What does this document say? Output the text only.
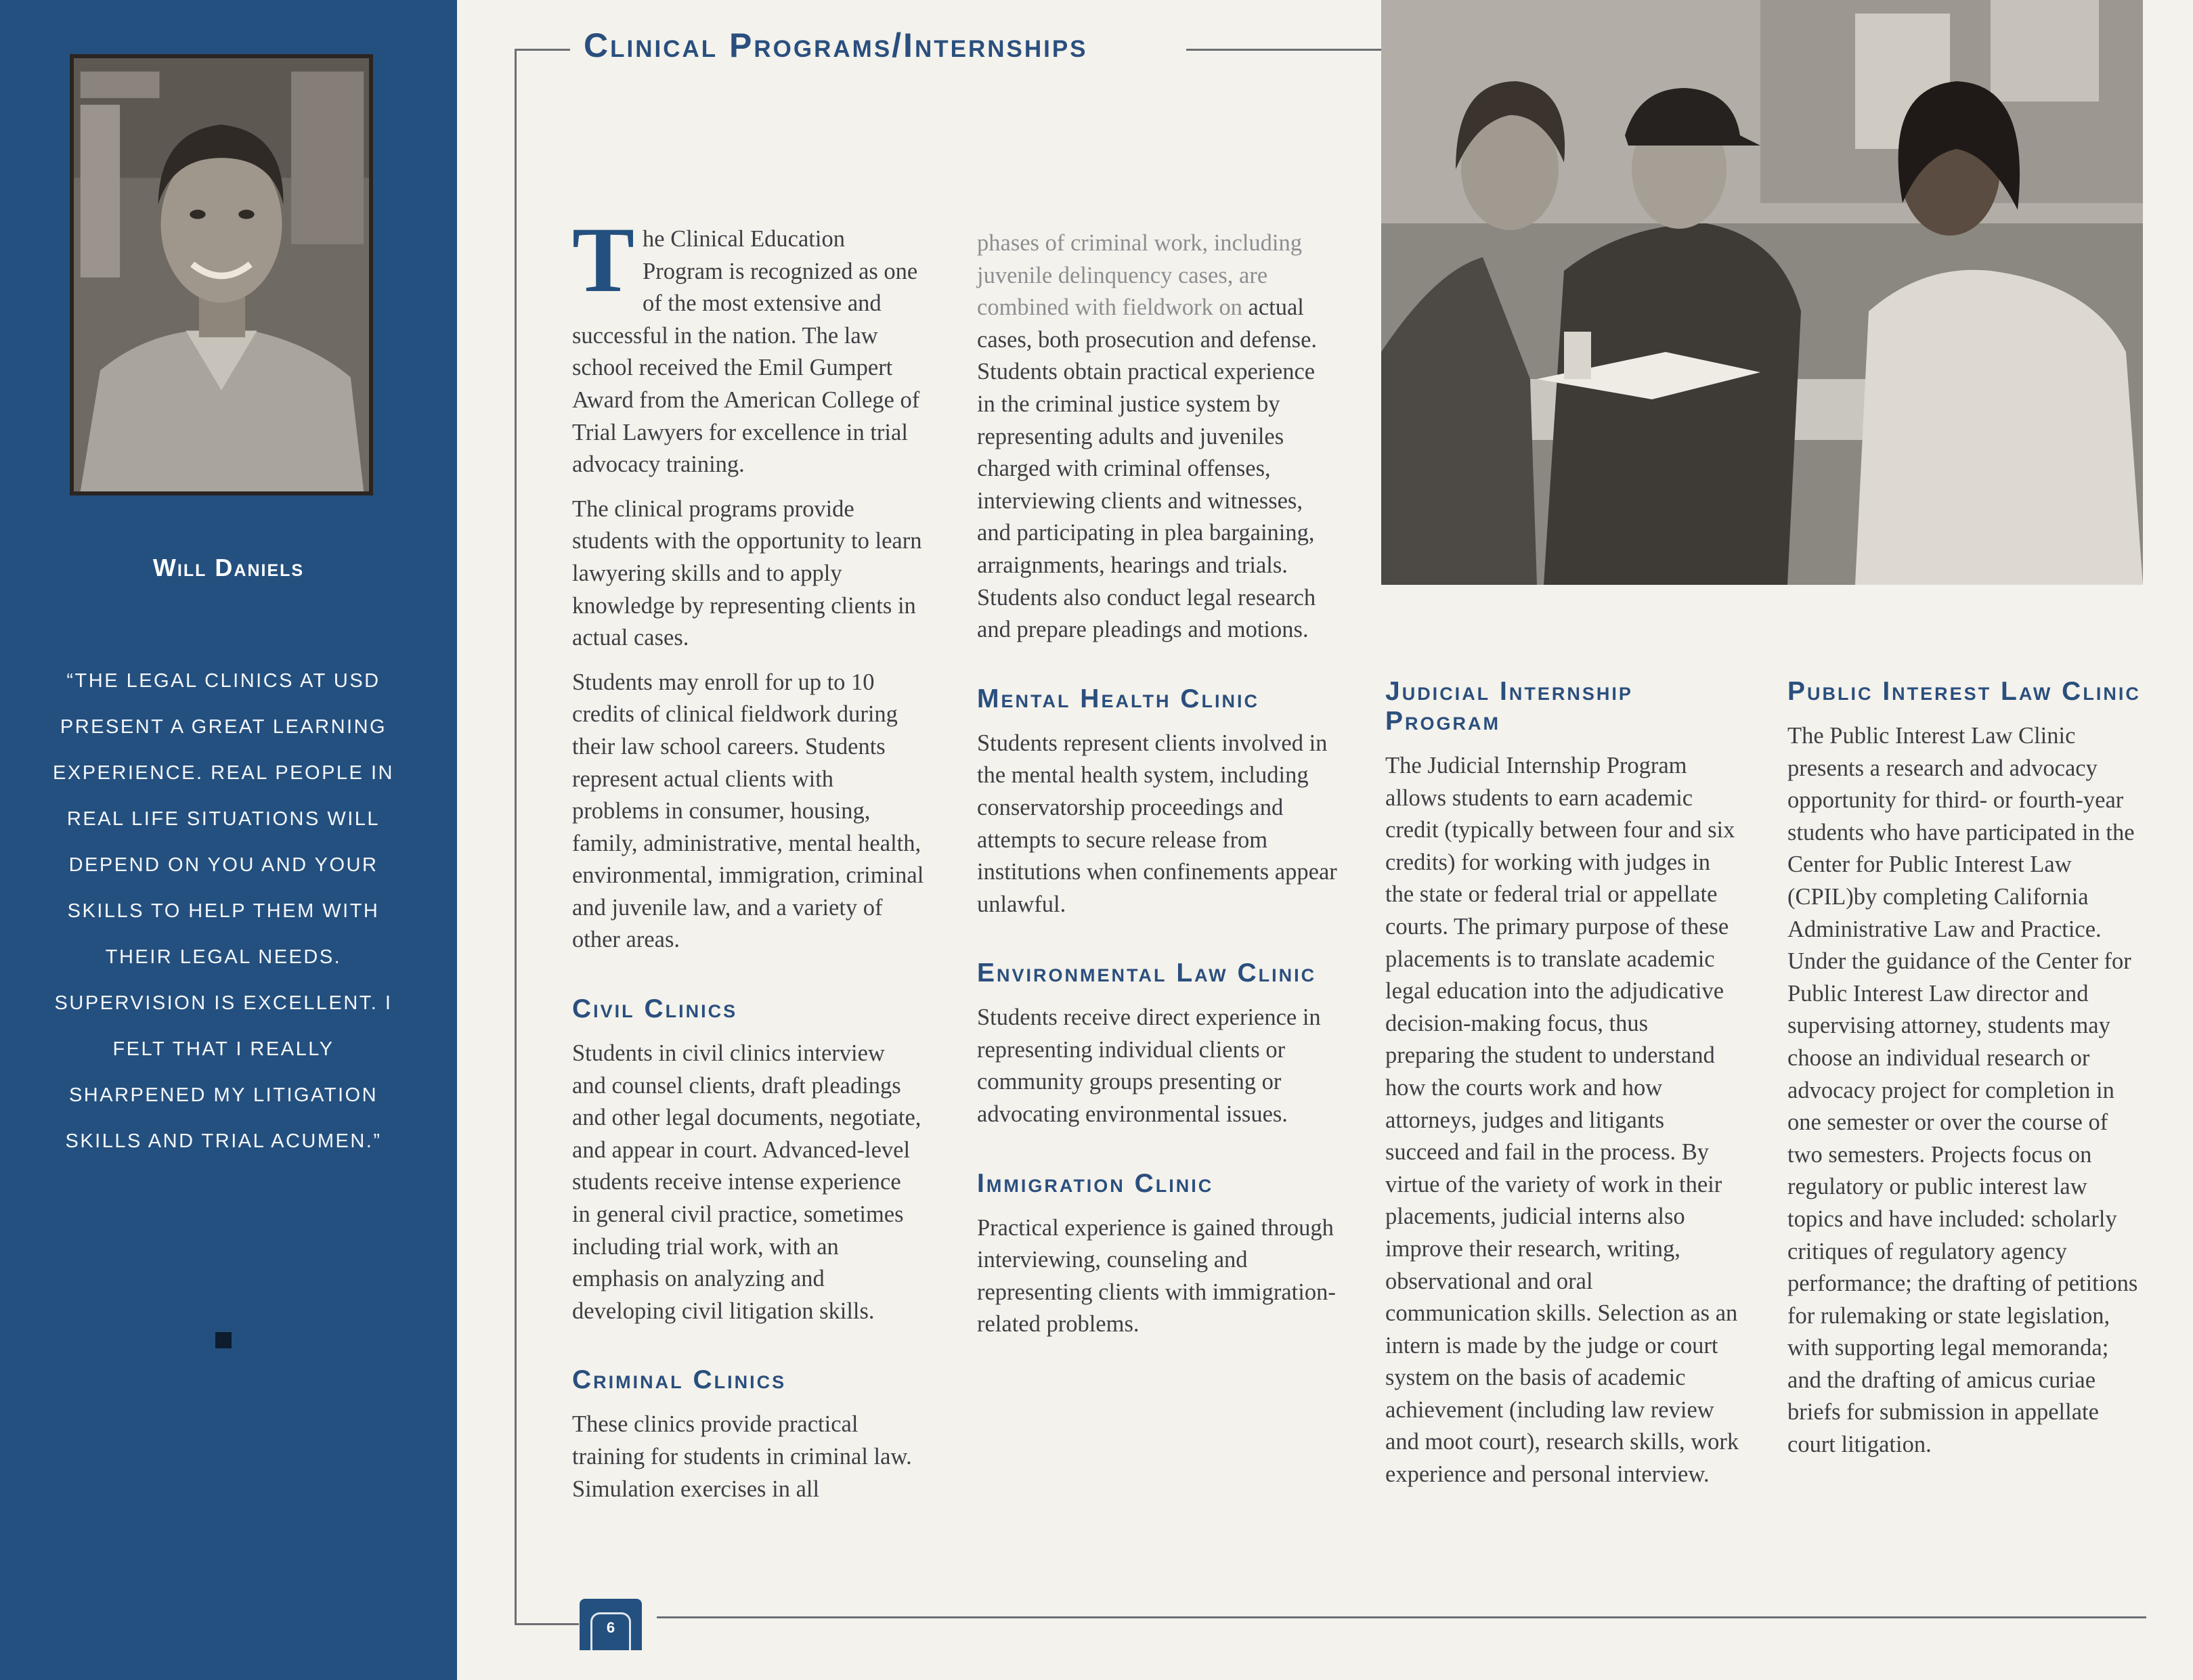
Will Daniels
“THE LEGAL CLINICS AT USD PRESENT A GREAT LEARNING EXPERIENCE. REAL PEOPLE IN REAL LIFE SITUATIONS WILL DEPEND ON YOU AND YOUR SKILLS TO HELP THEM WITH THEIR LEGAL NEEDS. SUPERVISION IS EXCELLENT. I FELT THAT I REALLY SHARPENED MY LITIGATION SKILLS AND TRIAL ACUMEN.”
Clinical Programs/Internships

The Clinical Education Program is recognized as one of the most extensive and successful in the nation. The law school received the Emil Gumpert Award from the American College of Trial Lawyers for excellence in trial advocacy training.

The clinical programs provide students with the opportunity to learn lawyering skills and to apply knowledge by representing clients in actual cases.

Students may enroll for up to 10 credits of clinical fieldwork during their law school careers. Students represent actual clients with problems in consumer, housing, family, administrative, mental health, environmental, immigration, criminal and juvenile law, and a variety of other areas.

Civil Clinics

Students in civil clinics interview and counsel clients, draft pleadings and other legal documents, negotiate, and appear in court. Advanced-level students receive intense experience in general civil practice, sometimes including trial work, with an emphasis on analyzing and developing civil litigation skills.

Criminal Clinics

These clinics provide practical training for students in criminal law. Simulation exercises in all

phases of criminal work, including juvenile delinquency cases, are combined with fieldwork on actual cases, both prosecution and defense. Students obtain practical experience in the criminal justice system by representing adults and juveniles charged with criminal offenses, interviewing clients and witnesses, and participating in plea bargaining, arraignments, hearings and trials. Students also conduct legal research and prepare pleadings and motions.

Mental Health Clinic

Students represent clients involved in the mental health system, including conservatorship proceedings and attempts to secure release from institutions when confinements appear unlawful.

Environmental Law Clinic

Students receive direct experience in representing individual clients or community groups presenting or advocating environmental issues.

Immigration Clinic

Practical experience is gained through interviewing, counseling and representing clients with immigration-related problems.

Judicial Internship Program

The Judicial Internship Program allows students to earn academic credit (typically between four and six credits) for working with judges in the state or federal trial or appellate courts. The primary purpose of these placements is to translate academic legal education into the adjudicative decision-making focus, thus preparing the student to understand how the courts work and how attorneys, judges and litigants succeed and fail in the process. By virtue of the variety of work in their placements, judicial interns also improve their research, writing, observational and oral communication skills. Selection as an intern is made by the judge or court system on the basis of academic achievement (including law review and moot court), research skills, work experience and personal interview.

Public Interest Law Clinic

The Public Interest Law Clinic presents a research and advocacy opportunity for third- or fourth-year students who have participated in the Center for Public Interest Law (CPIL)by completing California Administrative Law and Practice. Under the guidance of the Center for Public Interest Law director and supervising attorney, students may choose an individual research or advocacy project for completion in one semester or over the course of two semesters. Projects focus on regulatory or public interest law topics and have included: scholarly critiques of regulatory agency performance; the drafting of petitions for rulemaking or state legislation, with supporting legal memoranda; and the drafting of amicus curiae briefs for submission in appellate court litigation.

6
